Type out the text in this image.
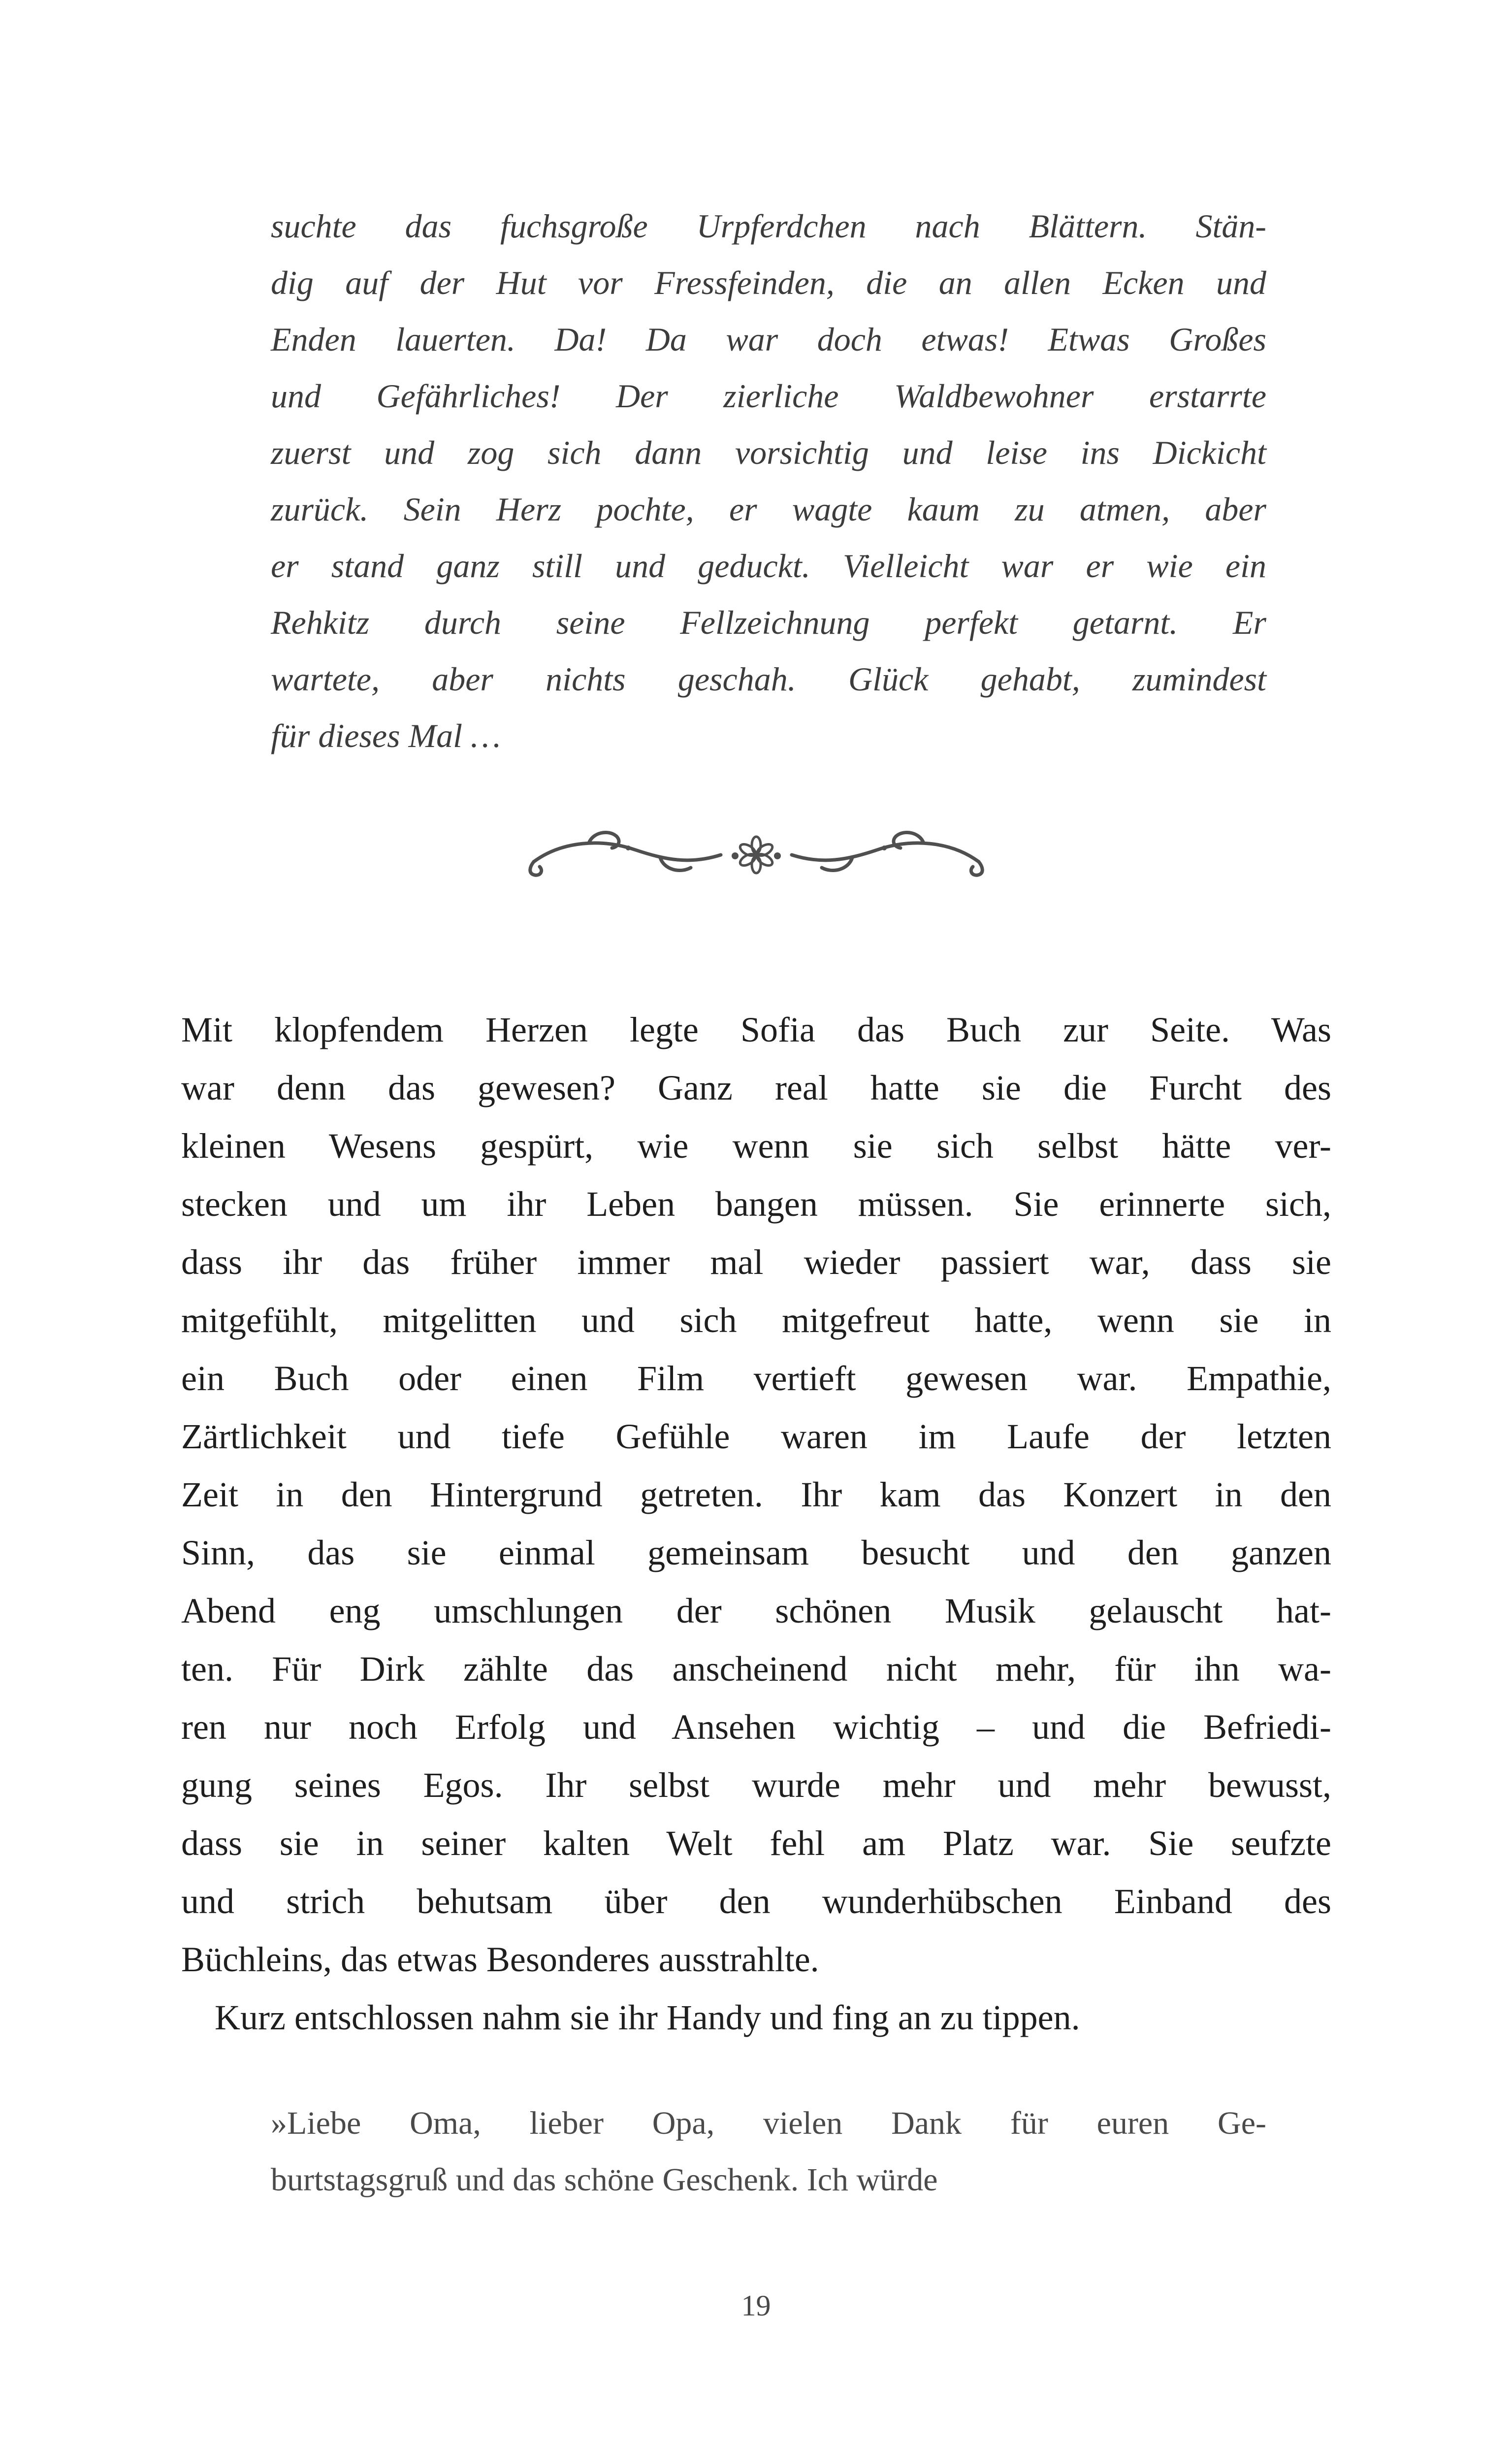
suchte das fuchsgroße Urpferdchen nach Blättern. Stän-
dig auf der Hut vor Fressfeinden, die an allen Ecken und
Enden lauerten. Da! Da war doch etwas! Etwas Großes
und Gefährliches! Der zierliche Waldbewohner erstarrte
zuerst und zog sich dann vorsichtig und leise ins Dickicht
zurück. Sein Herz pochte, er wagte kaum zu atmen, aber
er stand ganz still und geduckt. Vielleicht war er wie ein
Rehkitz durch seine Fellzeichnung perfekt getarnt. Er
wartete, aber nichts geschah. Glück gehabt, zumindest
für dieses Mal …
Mit klopfendem Herzen legte Sofia das Buch zur Seite. Was
war denn das gewesen? Ganz real hatte sie die Furcht des
kleinen Wesens gespürt, wie wenn sie sich selbst hätte ver-
stecken und um ihr Leben bangen müssen. Sie erinnerte sich,
dass ihr das früher immer mal wieder passiert war, dass sie
mitgefühlt, mitgelitten und sich mitgefreut hatte, wenn sie in
ein Buch oder einen Film vertieft gewesen war. Empathie,
Zärtlichkeit und tiefe Gefühle waren im Laufe der letzten
Zeit in den Hintergrund getreten. Ihr kam das Konzert in den
Sinn, das sie einmal gemeinsam besucht und den ganzen
Abend eng umschlungen der schönen Musik gelauscht hat-
ten. Für Dirk zählte das anscheinend nicht mehr, für ihn wa-
ren nur noch Erfolg und Ansehen wichtig – und die Befriedi-
gung seines Egos. Ihr selbst wurde mehr und mehr bewusst,
dass sie in seiner kalten Welt fehl am Platz war. Sie seufzte
und strich behutsam über den wunderhübschen Einband des
Büchleins, das etwas Besonderes ausstrahlte.
Kurz entschlossen nahm sie ihr Handy und fing an zu tippen.
»Liebe Oma, lieber Opa, vielen Dank für euren Ge-
burtstagsgruß und das schöne Geschenk. Ich würde
19
